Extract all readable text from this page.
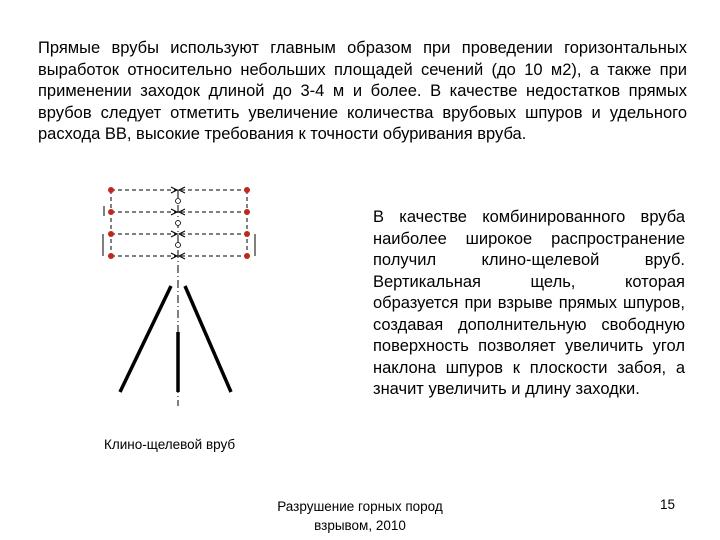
Прямые врубы используют главным образом при проведении горизонтальных выработок относительно небольших площадей сечений (до 10 м2), а также при применении заходок длиной до 3-4 м и более. В качестве недостатков прямых врубов следует отметить увеличение количества врубовых шпуров и удельного расхода ВВ, высокие требования к точности обуривания вруба.

Клино-щелевой вруб

В качестве комбинированного вруба наиболее широкое распространение получил клино-щелевой вруб. Вертикальная щель, которая образуется при взрыве прямых шпуров, создавая дополнительную свободную поверхность позволяет увеличить угол наклона шпуров к плоскости забоя, а значит увеличить и длину заходки.

Разрушение горных пород взрывом, 2010
15
